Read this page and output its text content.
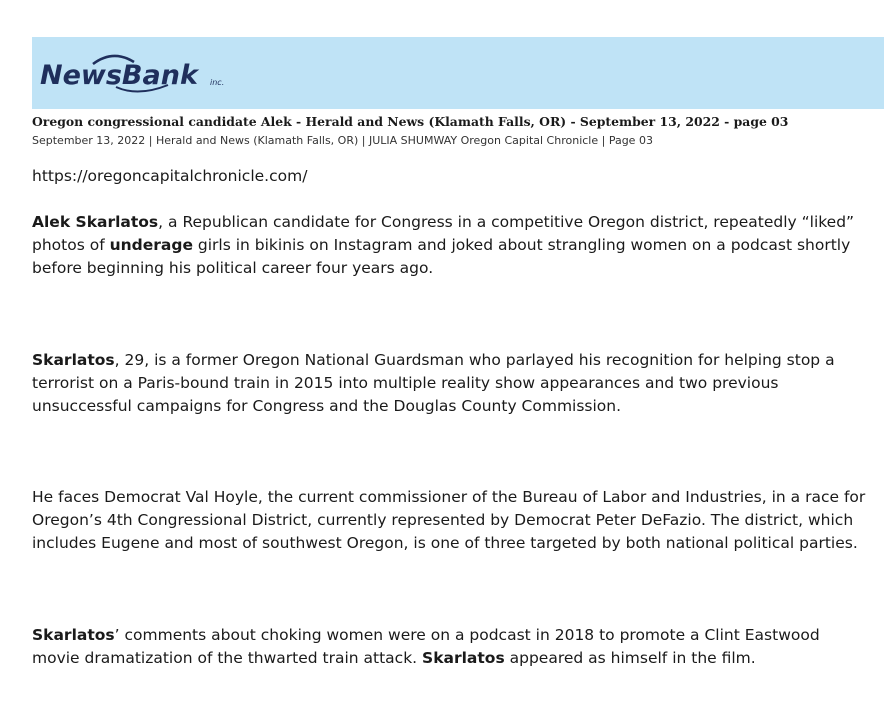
NewsBank inc.
Oregon congressional candidate Alek - Herald and News (Klamath Falls, OR) - September 13, 2022 - page 03
September 13, 2022 | Herald and News (Klamath Falls, OR) | JULIA SHUMWAY Oregon Capital Chronicle | Page 03
https://oregoncapitalchronicle.com/
Alek Skarlatos, a Republican candidate for Congress in a competitive Oregon district, repeatedly “liked” photos of underage girls in bikinis on Instagram and joked about strangling women on a podcast shortly before beginning his political career four years ago.
Skarlatos, 29, is a former Oregon National Guardsman who parlayed his recognition for helping stop a terrorist on a Paris-bound train in 2015 into multiple reality show appearances and two previous unsuccessful campaigns for Congress and the Douglas County Commission.
He faces Democrat Val Hoyle, the current commissioner of the Bureau of Labor and Industries, in a race for Oregon’s 4th Congressional District, currently represented by Democrat Peter DeFazio. The district, which includes Eugene and most of southwest Oregon, is one of three targeted by both national political parties.
Skarlatos’ comments about choking women were on a podcast in 2018 to promote a Clint Eastwood movie dramatization of the thwarted train attack. Skarlatos appeared as himself in the film.
